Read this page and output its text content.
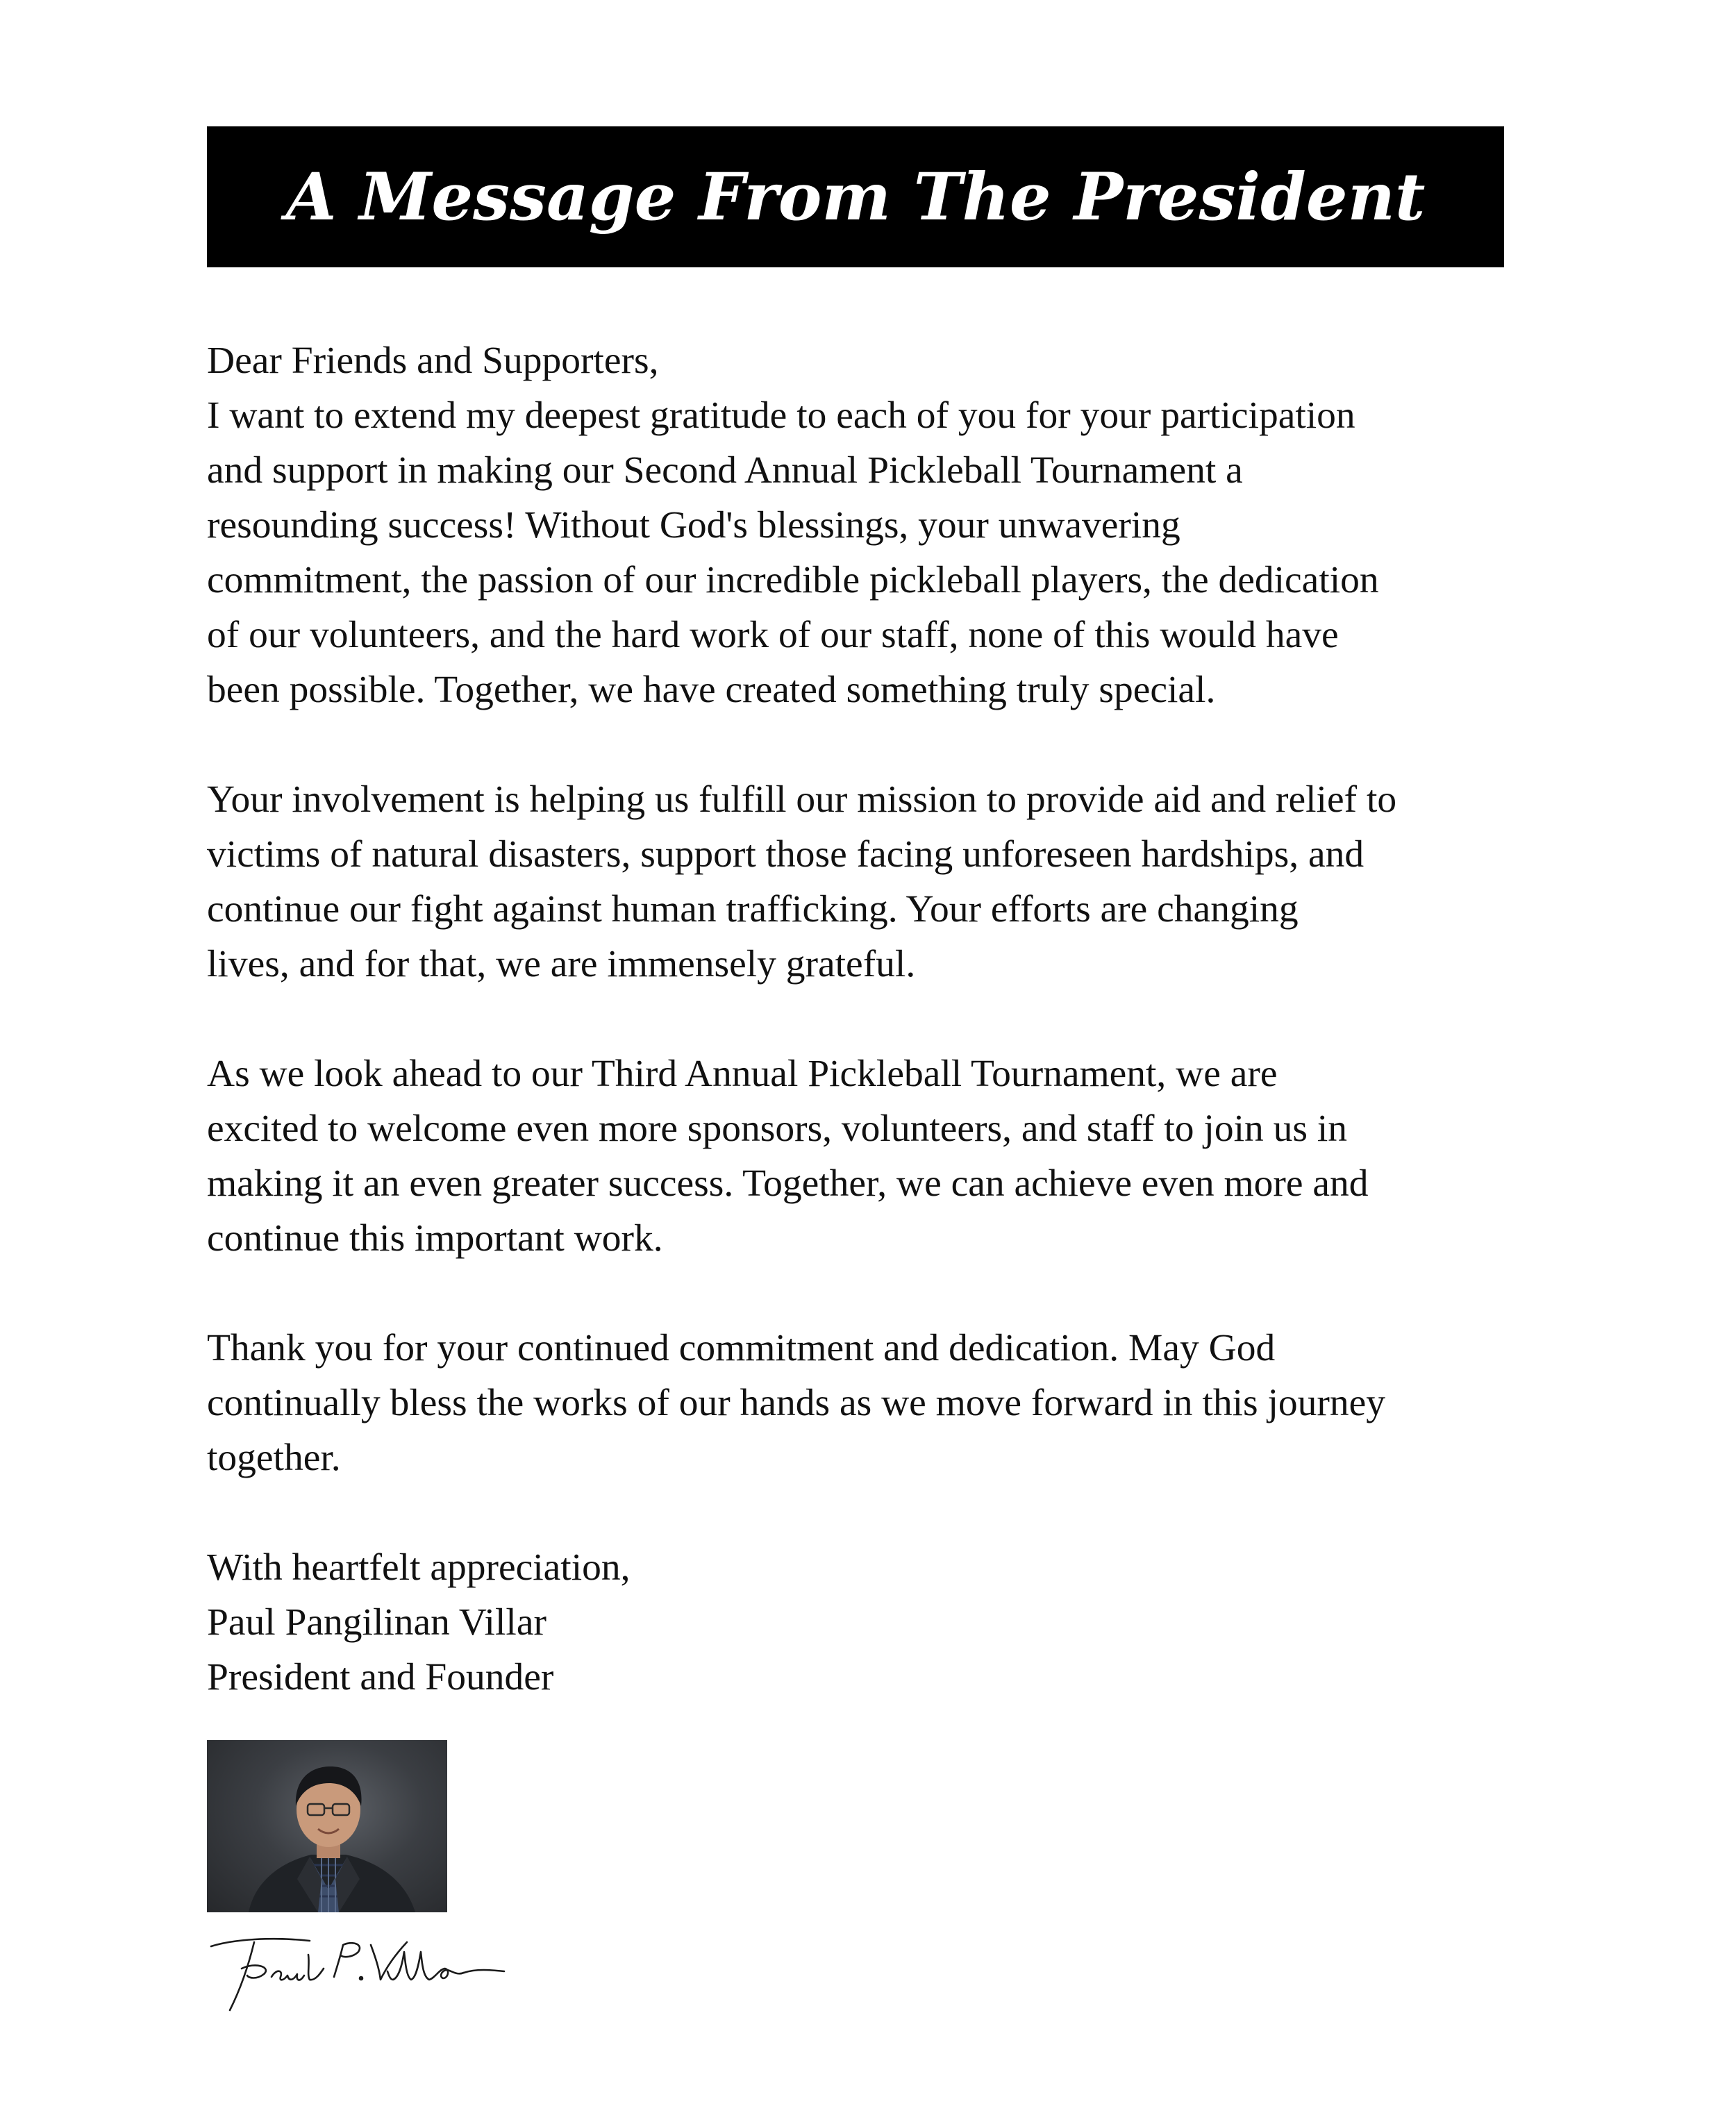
A Message From The President

Dear Friends and Supporters,

I want to extend my deepest gratitude to each of you for your participation
and support in making our Second Annual Pickleball Tournament a
resounding success! Without God's blessings, your unwavering
commitment, the passion of our incredible pickleball players, the dedication
of our volunteers, and the hard work of our staff, none of this would have
been possible. Together, we have created something truly special.

Your involvement is helping us fulfill our mission to provide aid and relief to
victims of natural disasters, support those facing unforeseen hardships, and
continue our fight against human trafficking. Your efforts are changing
lives, and for that, we are immensely grateful.

As we look ahead to our Third Annual Pickleball Tournament, we are
excited to welcome even more sponsors, volunteers, and staff to join us in
making it an even greater success. Together, we can achieve even more and
continue this important work.

Thank you for your continued commitment and dedication. May God
continually bless the works of our hands as we move forward in this journey
together.

With heartfelt appreciation,

Paul Pangilinan Villar

President and Founder
